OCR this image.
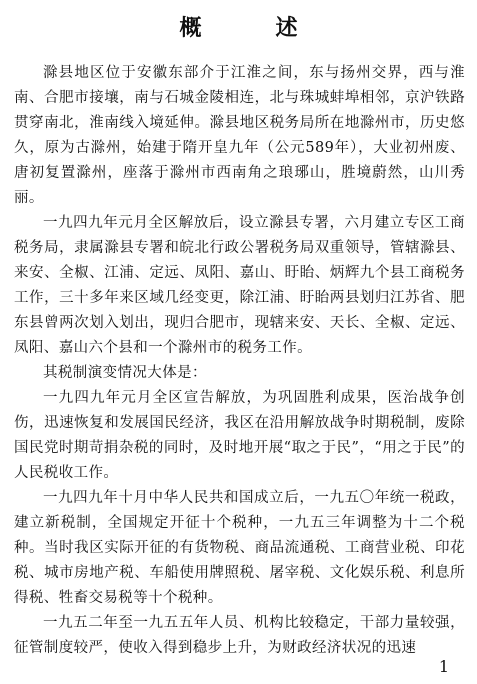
概　述

滁县地区位于安徽东部介于江淮之间，东与扬州交界，西与淮南、合肥市接壤，南与石城金陵相连，北与珠城蚌埠相邻，京沪铁路贯穿南北，淮南线入境延伸。滁县地区税务局所在地滁州市，历史悠久，原为古滁州，始建于隋开皇九年（公元589年），大业初州废、唐初复置滁州，座落于滁州市西南角之琅琊山，胜境蔚然，山川秀丽。

一九四九年元月全区解放后，设立滁县专署，六月建立专区工商税务局，隶属滁县专署和皖北行政公署税务局双重领导，管辖滁县、来安、全椒、江浦、定远、凤阳、嘉山、盱眙、炳辉九个县工商税务工作，三十多年来区域几经变更，除江浦、盱眙两县划归江苏省、肥东县曾两次划入划出，现归合肥市，现辖来安、天长、全椒、定远、凤阳、嘉山六个县和一个滁州市的税务工作。

其税制演变情况大体是：

一九四九年元月全区宣告解放，为巩固胜利成果，医治战争创伤，迅速恢复和发展国民经济，我区在沿用解放战争时期税制，废除国民党时期苛捐杂税的同时，及时地开展“取之于民”，“用之于民”的人民税收工作。

一九四九年十月中华人民共和国成立后，一九五〇年统一税政，建立新税制，全国规定开征十个税种，一九五三年调整为十二个税种。当时我区实际开征的有货物税、商品流通税、工商营业税、印花税、城市房地产税、车船使用牌照税、屠宰税、文化娱乐税、利息所得税、牲畜交易税等十个税种。

一九五二年至一九五五年人员、机构比较稳定，干部力量较强，征管制度较严，使收入得到稳步上升，为财政经济状况的迅速

1
